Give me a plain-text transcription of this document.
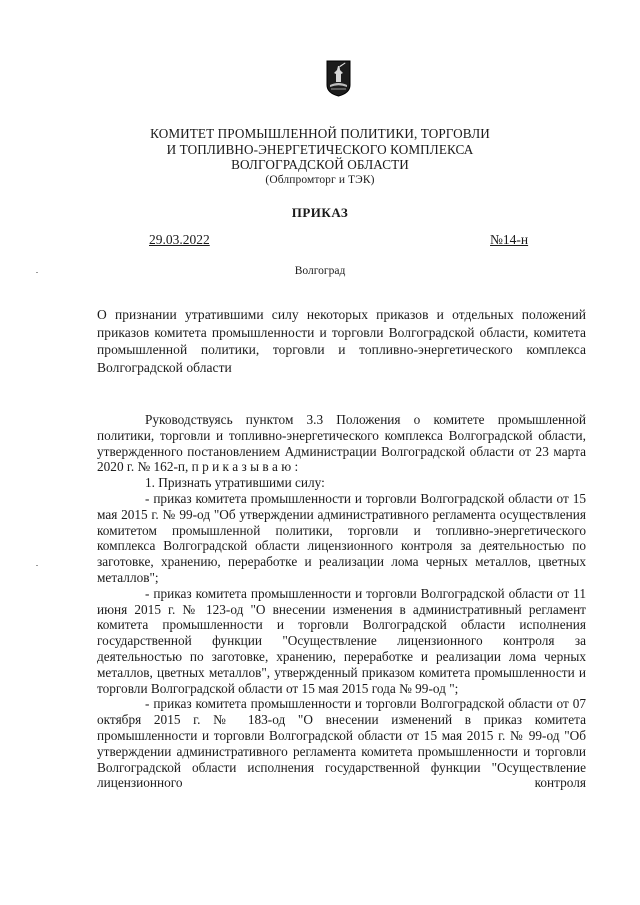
КОМИТЕТ ПРОМЫШЛЕННОЙ ПОЛИТИКИ, ТОРГОВЛИ
И ТОПЛИВНО-ЭНЕРГЕТИЧЕСКОГО КОМПЛЕКСА
ВОЛГОГРАДСКОЙ ОБЛАСТИ
(Облпромторг и ТЭК)
ПРИКАЗ
29.03.2022	№14-н
Волгоград
О признании утратившими силу некоторых приказов и отдельных положений приказов комитета промышленности и торговли Волгоградской области, комитета промышленной политики, торговли и топливно-энергетического комплекса Волгоградской области

Руководствуясь пунктом 3.3 Положения о комитете промышленной политики, торговли и топливно-энергетического комплекса Волгоградской области, утвержденного постановлением Администрации Волгоградской области от 23 марта 2020 г. № 162-п, п р и к а з ы в а ю :

1. Признать утратившими силу:

- приказ комитета промышленности и торговли Волгоградской области от 15 мая 2015 г. № 99-од "Об утверждении административного регламента осуществления комитетом промышленной политики, торговли и топливно-энергетического комплекса Волгоградской области лицензионного контроля за деятельностью по заготовке, хранению, переработке и реализации лома черных металлов, цветных металлов";

- приказ комитета промышленности и торговли Волгоградской области от 11 июня 2015 г. № 123-од "О внесении изменения в административный регламент комитета промышленности и торговли Волгоградской области исполнения государственной функции "Осуществление лицензионного контроля за деятельностью по заготовке, хранению, переработке и реализации лома черных металлов, цветных металлов", утвержденный приказом комитета промышленности и торговли Волгоградской области от 15 мая 2015 года № 99-од ";

- приказ комитета промышленности и торговли Волгоградской области от 07 октября 2015 г. № 183-од "О внесении изменений в приказ комитета промышленности и торговли Волгоградской области от 15 мая 2015 г. № 99-од "Об утверждении административного регламента комитета промышленности и торговли Волгоградской области исполнения государственной функции "Осуществление лицензионного контроля
